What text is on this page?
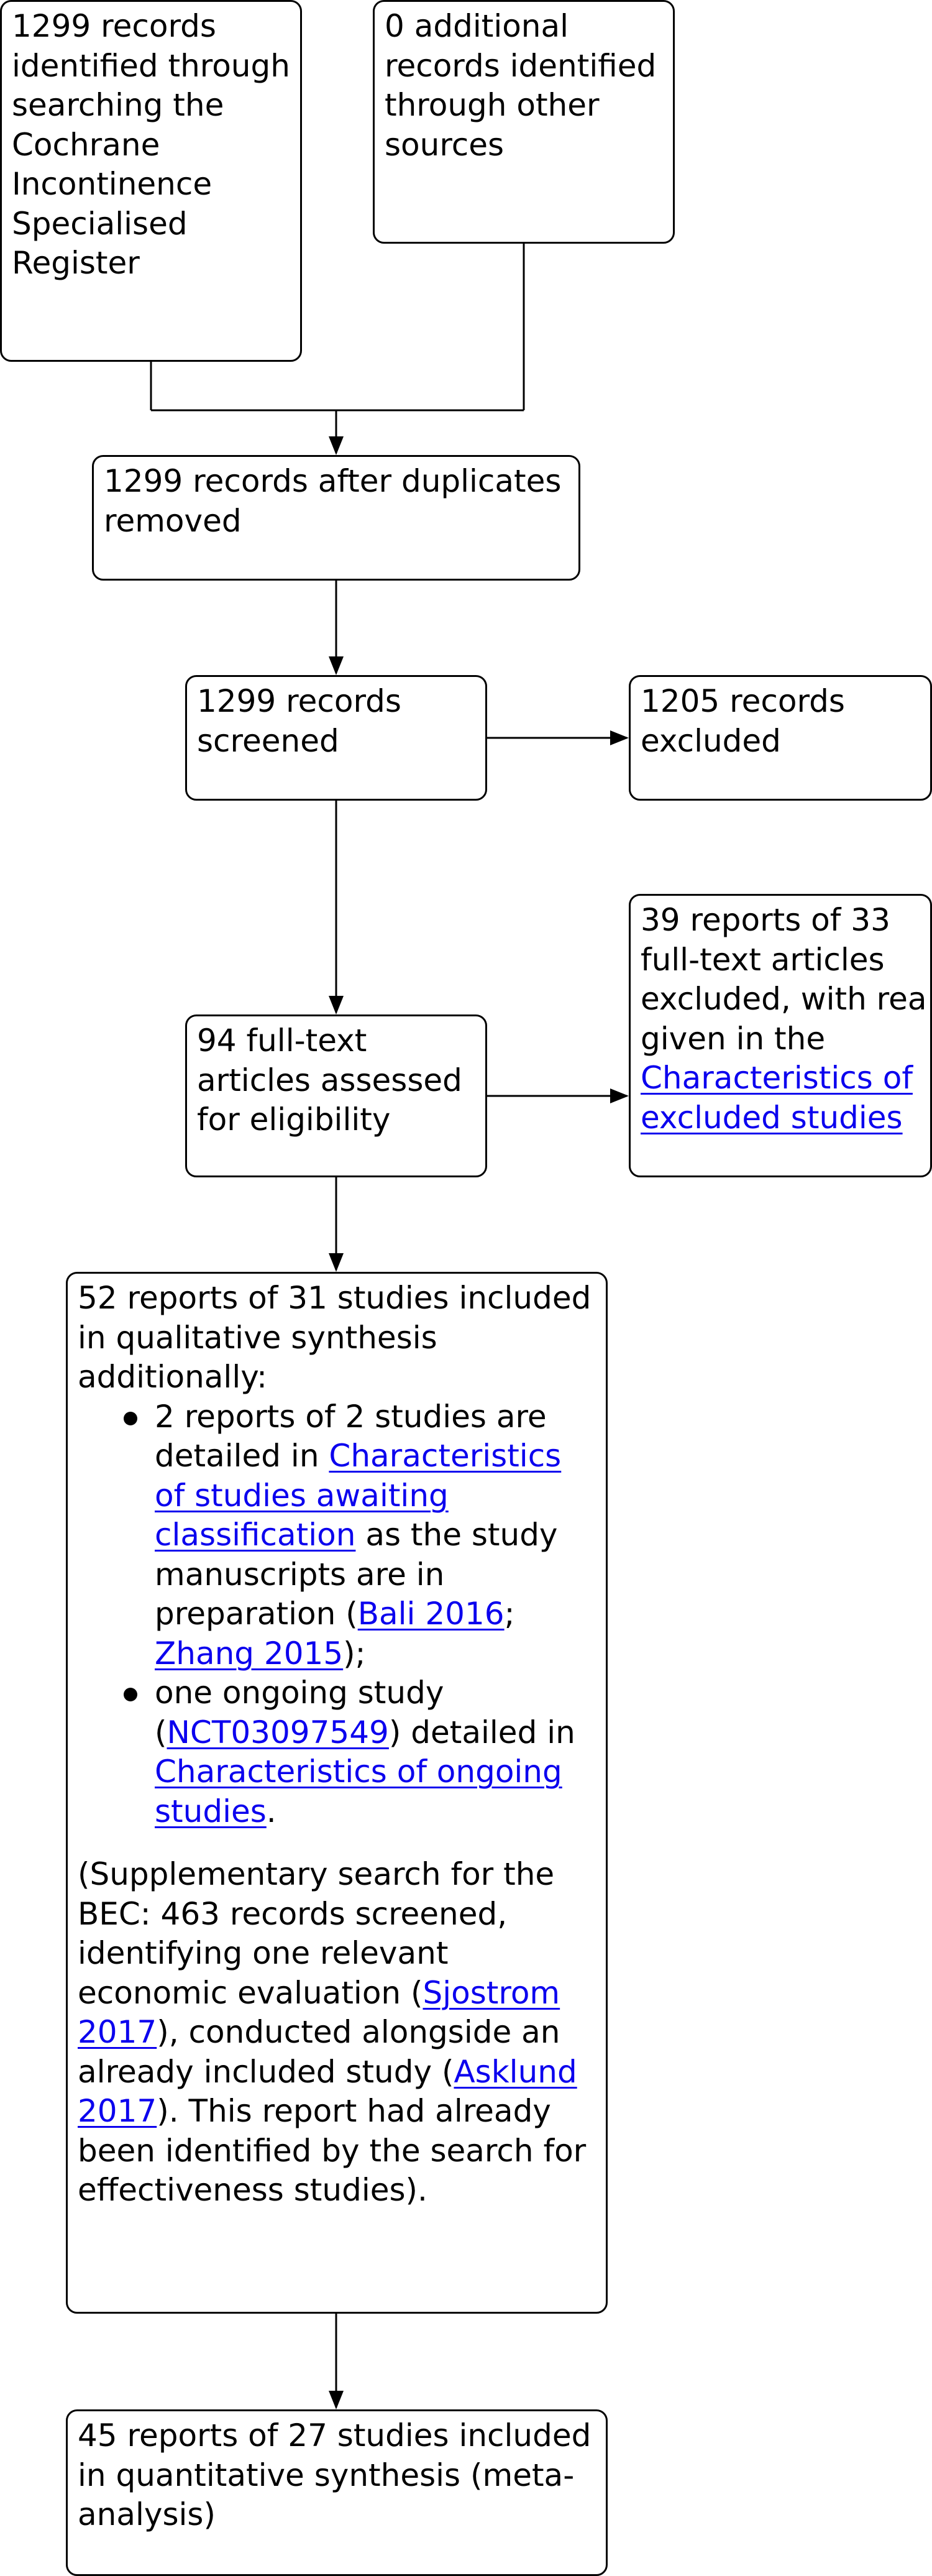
1299 records identified through searching the Cochrane Incontinence Specialised Register

0 additional records identified through other sources

1299 records after duplicates removed

1299 records screened

1205 records excluded

94 full-text articles assessed for eligibility

39 reports of 33
full-text articles
excluded, with rea
given in the
Characteristics of excluded studies

52 reports of 31 studies included in qualitative synthesis additionally:

2 reports of 2 studies are detailed in Characteristics of studies awaiting classification as the study manuscripts are in preparation (Bali 2016; Zhang 2015);
one ongoing study (NCT03097549) detailed in Characteristics of ongoing studies.

(Supplementary search for the BEC: 463 records screened, identifying one relevant economic evaluation (Sjostrom 2017), conducted alongside an already included study (Asklund 2017). This report had already been identified by the search for effectiveness studies).

45 reports of 27 studies included in quantitative synthesis (meta-analysis)
